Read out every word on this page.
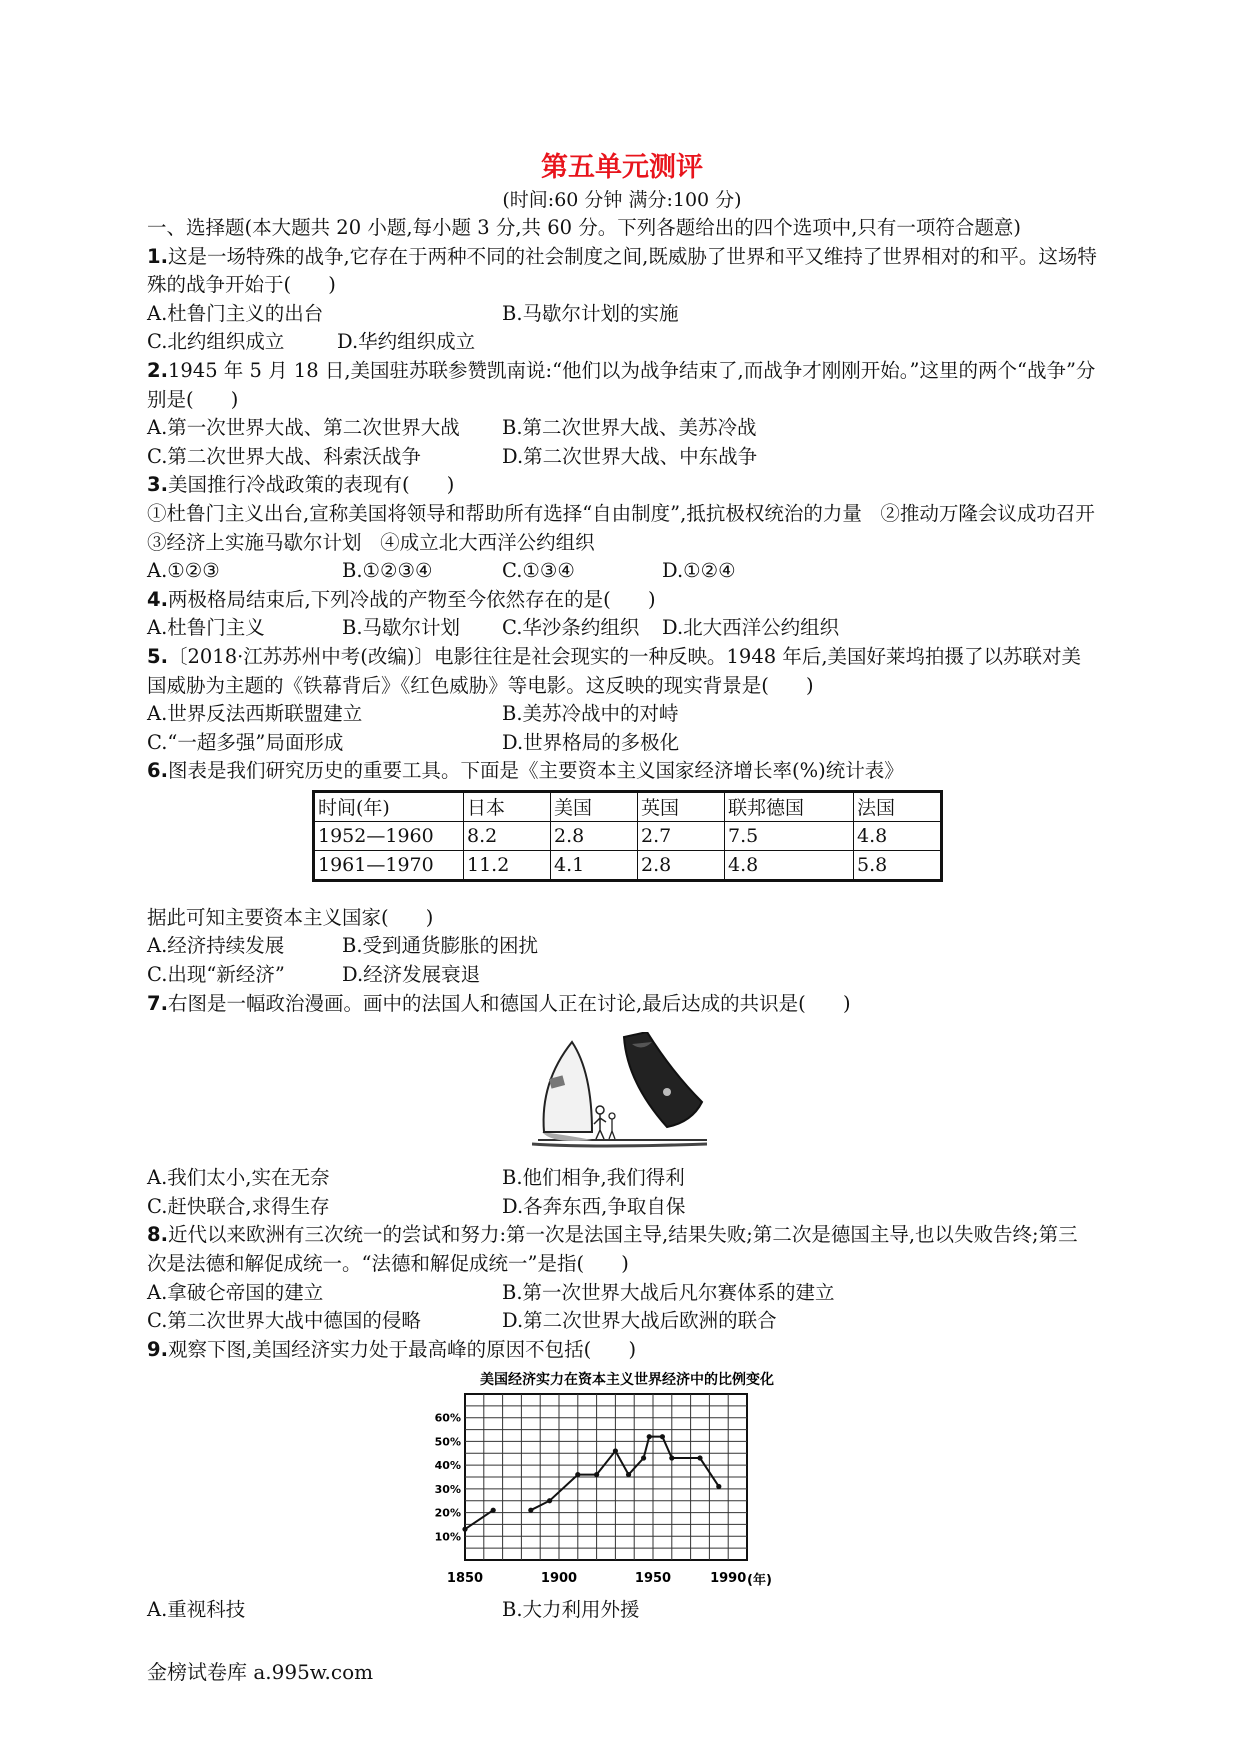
第五单元测评
(时间:60 分钟 满分:100 分)

一、选择题(本大题共 20 小题,每小题 3 分,共 60 分。下列各题给出的四个选项中,只有一项符合题意)

1.这是一场特殊的战争,它存在于两种不同的社会制度之间,既威胁了世界和平又维持了世界相对的和平。这场特殊的战争开始于(      )

A.杜鲁门主义的出台	B.马歇尔计划的实施
C.北约组织成立	D.华约组织成立

2.1945 年 5 月 18 日,美国驻苏联参赞凯南说:“他们以为战争结束了,而战争才刚刚开始。”这里的两个“战争”分别是(      )

A.第一次世界大战、第二次世界大战	B.第二次世界大战、美苏冷战
C.第二次世界大战、科索沃战争	D.第二次世界大战、中东战争

3.美国推行冷战政策的表现有(      )

①杜鲁门主义出台,宣称美国将领导和帮助所有选择“自由制度”,抵抗极权统治的力量   ②推动万隆会议成功召开   ③经济上实施马歇尔计划   ④成立北大西洋公约组织

A.①②③	B.①②③④	C.①③④	D.①②④

4.两极格局结束后,下列冷战的产物至今依然存在的是(      )

A.杜鲁门主义	B.马歇尔计划	C.华沙条约组织	D.北大西洋公约组织

5.〔2018·江苏苏州中考(改编)〕电影往往是社会现实的一种反映。1948 年后,美国好莱坞拍摄了以苏联对美国威胁为主题的《铁幕背后》《红色威胁》等电影。这反映的现实背景是(      )

A.世界反法西斯联盟建立	B.美苏冷战中的对峙
C.“一超多强”局面形成	D.世界格局的多极化

6.图表是我们研究历史的重要工具。下面是《主要资本主义国家经济增长率(%)统计表》

时间(年)	日本	美国	英国	联邦德国	法国
1952—1960	8.2	2.8	2.7	7.5	4.8
1961—1970	11.2	4.1	2.8	4.8	5.8

据此可知主要资本主义国家(      )

A.经济持续发展	B.受到通货膨胀的困扰
C.出现“新经济”	D.经济发展衰退

7.右图是一幅政治漫画。画中的法国人和德国人正在讨论,最后达成的共识是(      )

A.我们太小,实在无奈	B.他们相争,我们得利
C.赶快联合,求得生存	D.各奔东西,争取自保

8.近代以来欧洲有三次统一的尝试和努力:第一次是法国主导,结果失败;第二次是德国主导,也以失败告终;第三次是法德和解促成统一。“法德和解促成统一”是指(      )

A.拿破仑帝国的建立	B.第一次世界大战后凡尔赛体系的建立
C.第二次世界大战中德国的侵略	D.第二次世界大战后欧洲的联合

9.观察下图,美国经济实力处于最高峰的原因不包括(      )

美国经济实力在资本主义世界经济中的比例变化
10%
20%
30%
40%
50%
60%
1850	1900	1950	1990 (年)
A.重视科技	B.大力利用外援
金榜试卷库 a.995w.com
